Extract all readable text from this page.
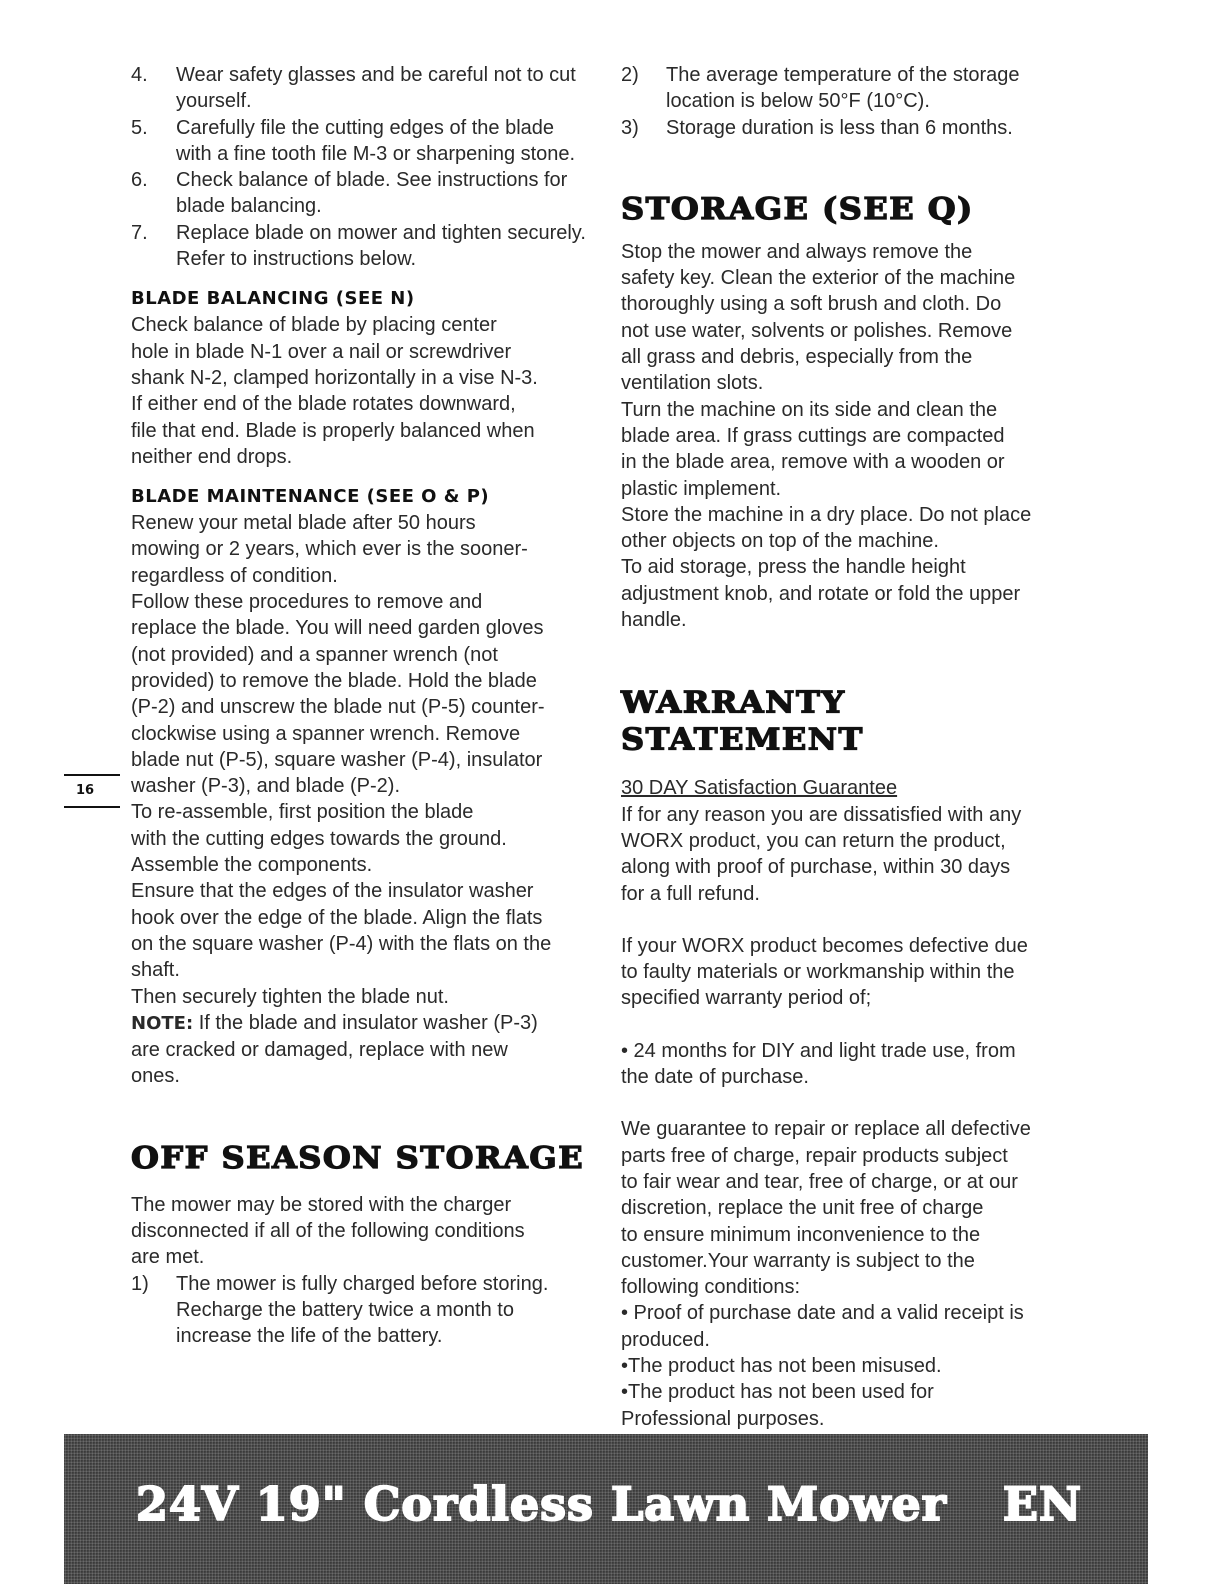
4.	Wear safety glasses and be careful not to cut yourself.
5.	Carefully file the cutting edges of the blade with a fine tooth file M-3 or sharpening stone.
6.	Check balance of blade. See instructions for blade balancing.
7.	Replace blade on mower and tighten securely. Refer to instructions below.
BLADE BALANCING (SEE N)

Check balance of blade by placing center
hole in blade N-1 over a nail or screwdriver
shank N-2, clamped horizontally in a vise N-3.
If either end of the blade rotates downward,
file that end. Blade is properly balanced when
neither end drops.

BLADE MAINTENANCE (SEE O & P)

Renew your metal blade after 50 hours
mowing or 2 years, which ever is the sooner-
regardless of condition.
Follow these procedures to remove and
replace the blade. You will need garden gloves
(not provided) and a spanner wrench (not
provided) to remove the blade. Hold the blade
(P-2) and unscrew the blade nut (P-5) counter-
clockwise using a spanner wrench. Remove
blade nut (P-5), square washer (P-4), insulator
washer (P-3), and blade (P-2).
To re-assemble, first position the blade
with the cutting edges towards the ground.
Assemble the components.
Ensure that the edges of the insulator washer
hook over the edge of the blade. Align the flats
on the square washer (P-4) with the flats on the
shaft.
Then securely tighten the blade nut.
NOTE: If the blade and insulator washer (P-3)
are cracked or damaged, replace with new
ones.

OFF SEASON STORAGE

The mower may be stored with the charger
disconnected if all of the following conditions
are met.

1)	The mower is fully charged before storing. Recharge the battery twice a month to increase the life of the battery.
16
2)	The average temperature of the storage location is below 50°F (10°C).
3)	Storage duration is less than 6 months.
STORAGE (SEE Q)

Stop the mower and always remove the
safety key. Clean the exterior of the machine
thoroughly using a soft brush and cloth. Do
not use water, solvents or polishes. Remove
all grass and debris, especially from the
ventilation slots.
Turn the machine on its side and clean the
blade area. If grass cuttings are compacted
in the blade area, remove with a wooden or
plastic implement.
Store the machine in a dry place. Do not place
other objects on top of the machine.
To aid storage, press the handle height
adjustment knob, and rotate or fold the upper
handle.

WARRANTY STATEMENT

30 DAY Satisfaction Guarantee

If for any reason you are dissatisfied with any
WORX product, you can return the product,
along with proof of purchase, within 30 days
for a full refund.

If your WORX product becomes defective due
to faulty materials or workmanship within the
specified warranty period of;

• 24 months for DIY and light trade use, from
the date of purchase.

We guarantee to repair or replace all defective
parts free of charge, repair products subject
to fair wear and tear, free of charge, or at our
discretion, replace the unit free of charge
to ensure minimum inconvenience to the
customer.Your warranty is subject to the
following conditions:
• Proof of purchase date and a valid receipt is
produced.
•The product has not been misused.
•The product has not been used for
Professional purposes.

24V 19" Cordless Lawn Mower EN
